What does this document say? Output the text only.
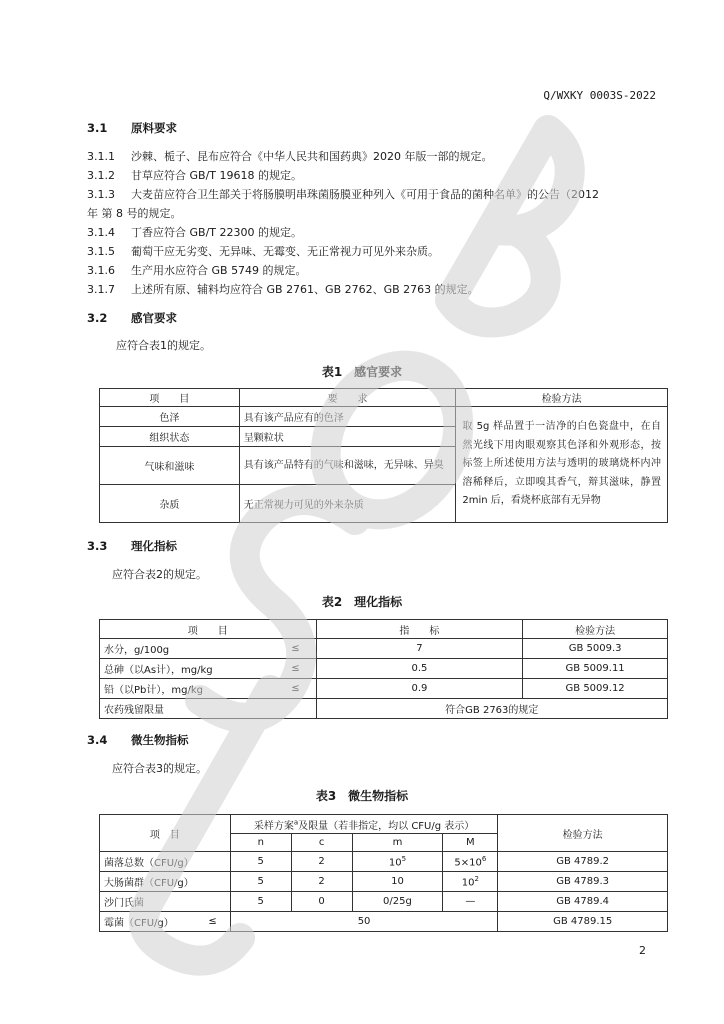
Q/WXKY 0003S-2022
3.1 原料要求
3.1.1 沙棘、栀子、昆布应符合《中华人民共和国药典》2020 年版一部的规定。
3.1.2 甘草应符合 GB/T 19618 的规定。
3.1.3 大麦苗应符合卫生部关于将肠膜明串珠菌肠膜亚种列入《可用于食品的菌种名单》的公告（2012
年 第 8 号的规定。
3.1.4 丁香应符合 GB/T 22300 的规定。
3.1.5 葡萄干应无劣变、无异味、无霉变、无正常视力可见外来杂质。
3.1.6 生产用水应符合 GB 5749 的规定。
3.1.7 上述所有原、辅料均应符合 GB 2761、GB 2762、GB 2763 的规定。
3.2 感官要求
应符合表1的规定。
表1　感官要求
项　　目	要　　求	检验方法
色泽	具有该产品应有的色泽	取 5g 样品置于一洁净的白色瓷盘中，在自然光线下用肉眼观察其色泽和外观形态，按标签上所述使用方法与透明的玻璃烧杯内冲溶稀释后，立即嗅其香气，辩其滋味，静置 2min 后，看烧杯底部有无异物
组织状态	呈颗粒状	
气味和滋味	具有该产品特有的气味和滋味，无异味、异臭	
杂质	无正常视力可见的外来杂质	
3.3 理化指标
应符合表2的规定。
表2　理化指标
项　　目		指　　标	检验方法
水分，g/100g	≤	7	GB 5009.3
总砷（以As计），mg/kg	≤	0.5	GB 5009.11
铅（以Pb计），mg/kg	≤	0.9	GB 5009.12
农药残留限量		符合GB 2763的规定	
3.4 微生物指标
应符合表3的规定。
表3　微生物指标
项　目		采样方案$^a$及限量（若非指定，均以 CFU/g 表示）				检验方法
		n	c	m	M	
菌落总数（CFU/g）		5	2	$10^5$	$5\times 10^6$	GB 4789.2
大肠菌群（CFU/g）		5	2	10	$10^2$	GB 4789.3
沙门氏菌		5	0	0/25g	—	GB 4789.4
霉菌（CFU/g）	≤	50				GB 4789.15
2
